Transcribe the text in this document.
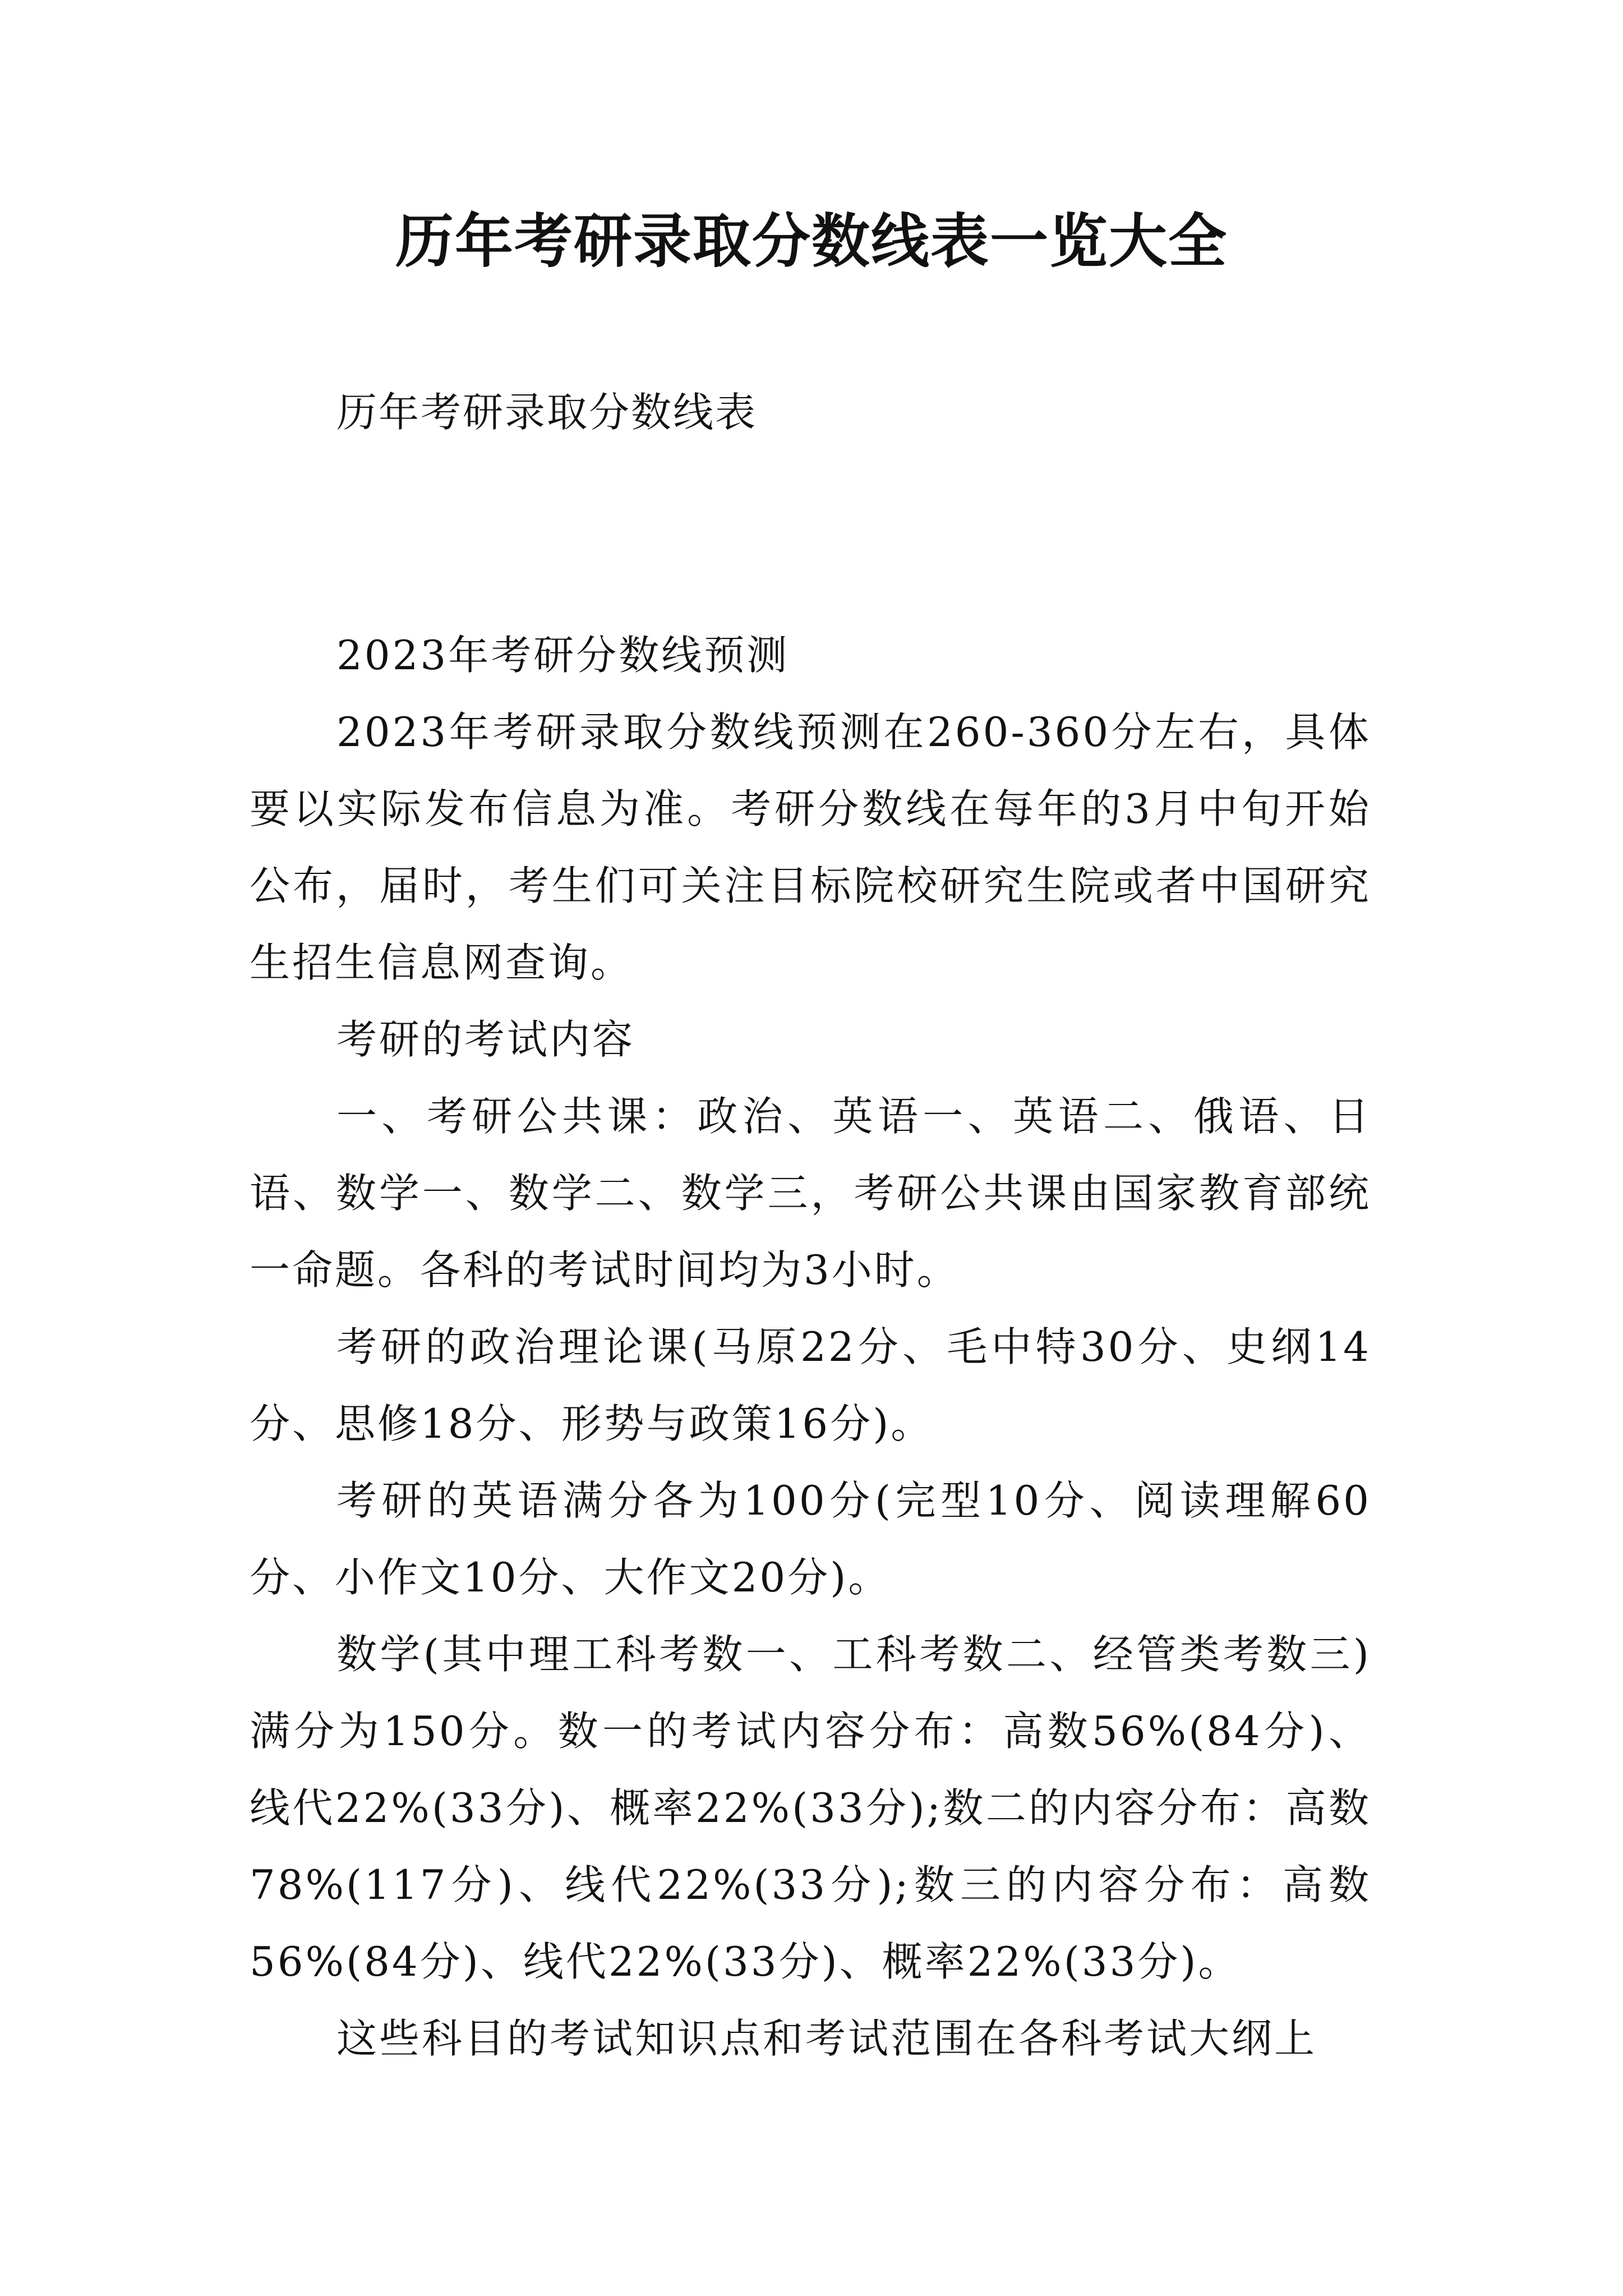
历年考研录取分数线表一览大全
历年考研录取分数线表

2023年考研分数线预测

2023年考研录取分数线预测在260-360分左右，具体要以实际发布信息为准。考研分数线在每年的3月中旬开始公布，届时，考生们可关注目标院校研究生院或者中国研究生招生信息网查询。

考研的考试内容

一、考研公共课：政治、英语一、英语二、俄语、日语、数学一、数学二、数学三，考研公共课由国家教育部统一命题。各科的考试时间均为3小时。

考研的政治理论课(马原22分、毛中特30分、史纲14分、思修18分、形势与政策16分)。

考研的英语满分各为100分(完型10分、阅读理解60分、小作文10分、大作文20分)。

数学(其中理工科考数一、工科考数二、经管类考数三)满分为150分。数一的考试内容分布：高数56%(84分)、线代22%(33分)、概率22%(33分);数二的内容分布：高数78%(117分)、线代22%(33分);数三的内容分布：高数56%(84分)、线代22%(33分)、概率22%(33分)。

这些科目的考试知识点和考试范围在各科考试大纲上
